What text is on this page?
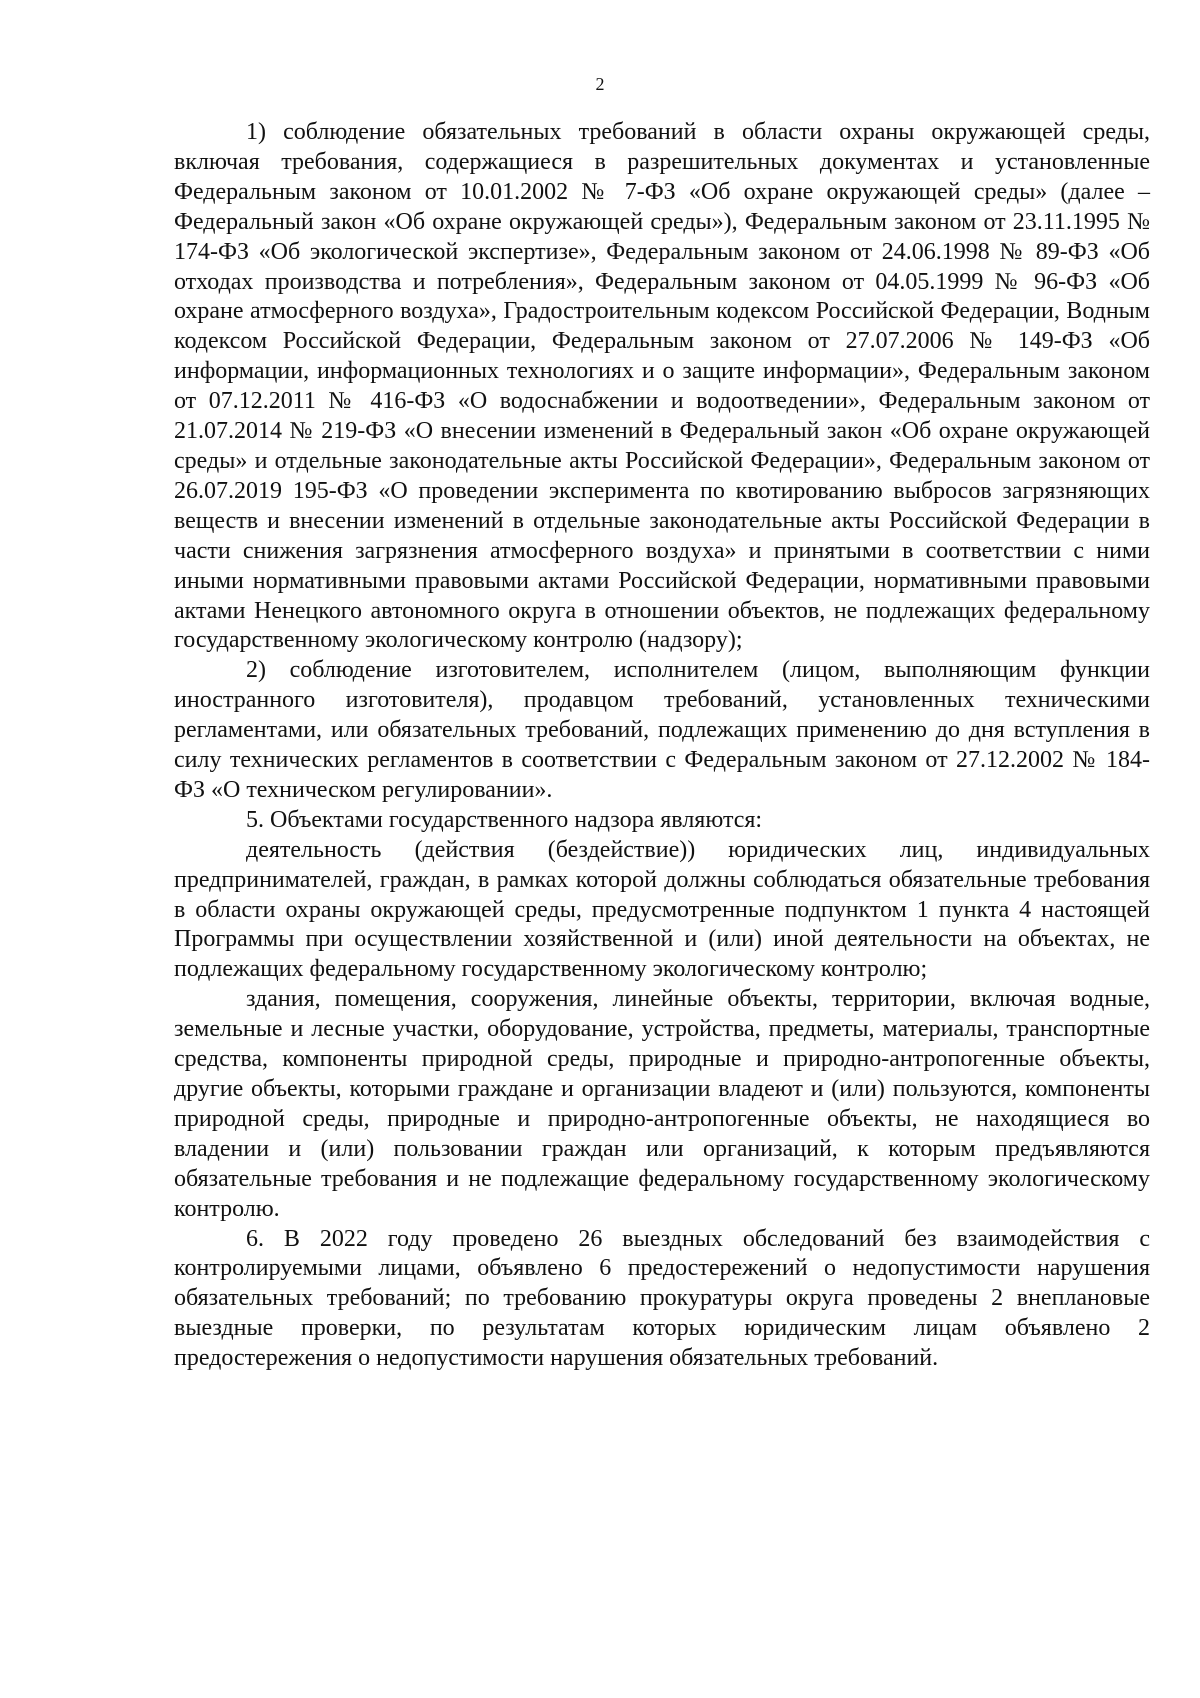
2

1) соблюдение обязательных требований в области охраны окружающей среды, включая требования, содержащиеся в разрешительных документах и установленные Федеральным законом от 10.01.2002 № 7-ФЗ «Об охране окружающей среды» (далее – Федеральный закон «Об охране окружающей среды»), Федеральным законом от 23.11.1995 № 174-ФЗ «Об экологической экспертизе», Федеральным законом от 24.06.1998 № 89-ФЗ «Об отходах производства и потребления», Федеральным законом от 04.05.1999 № 96-ФЗ «Об охране атмосферного воздуха», Градостроительным кодексом Российской Федерации, Водным кодексом Российской Федерации, Федеральным законом от 27.07.2006 № 149-ФЗ «Об информации, информационных технологиях и о защите информации», Федеральным законом от 07.12.2011 № 416-ФЗ «О водоснабжении и водоотведении», Федеральным законом от 21.07.2014 № 219-ФЗ «О внесении изменений в Федеральный закон «Об охране окружающей среды» и отдельные законодательные акты Российской Федерации», Федеральным законом от 26.07.2019 195-ФЗ «О проведении эксперимента по квотированию выбросов загрязняющих веществ и внесении изменений в отдельные законодательные акты Российской Федерации в части снижения загрязнения атмосферного воздуха» и принятыми в соответствии с ними иными нормативными правовыми актами Российской Федерации, нормативными правовыми актами Ненецкого автономного округа в отношении объектов, не подлежащих федеральному государственному экологическому контролю (надзору);

2) соблюдение изготовителем, исполнителем (лицом, выполняющим функции иностранного изготовителя), продавцом требований, установленных техническими регламентами, или обязательных требований, подлежащих применению до дня вступления в силу технических регламентов в соответствии с Федеральным законом от 27.12.2002 № 184-ФЗ «О техническом регулировании».

5. Объектами государственного надзора являются:

деятельность (действия (бездействие)) юридических лиц, индивидуальных предпринимателей, граждан, в рамках которой должны соблюдаться обязательные требования в области охраны окружающей среды, предусмотренные подпунктом 1 пункта 4 настоящей Программы при осуществлении хозяйственной и (или) иной деятельности на объектах, не подлежащих федеральному государственному экологическому контролю;

здания, помещения, сооружения, линейные объекты, территории, включая водные, земельные и лесные участки, оборудование, устройства, предметы, материалы, транспортные средства, компоненты природной среды, природные и природно-антропогенные объекты, другие объекты, которыми граждане и организации владеют и (или) пользуются, компоненты природной среды, природные и природно-антропогенные объекты, не находящиеся во владении и (или) пользовании граждан или организаций, к которым предъявляются обязательные требования и не подлежащие федеральному государственному экологическому контролю.

6. В 2022 году проведено 26 выездных обследований без взаимодействия с контролируемыми лицами, объявлено 6 предостережений о недопустимости нарушения обязательных требований; по требованию прокуратуры округа проведены 2 внеплановые выездные проверки, по результатам которых юридическим лицам объявлено 2 предостережения о недопустимости нарушения обязательных требований.
